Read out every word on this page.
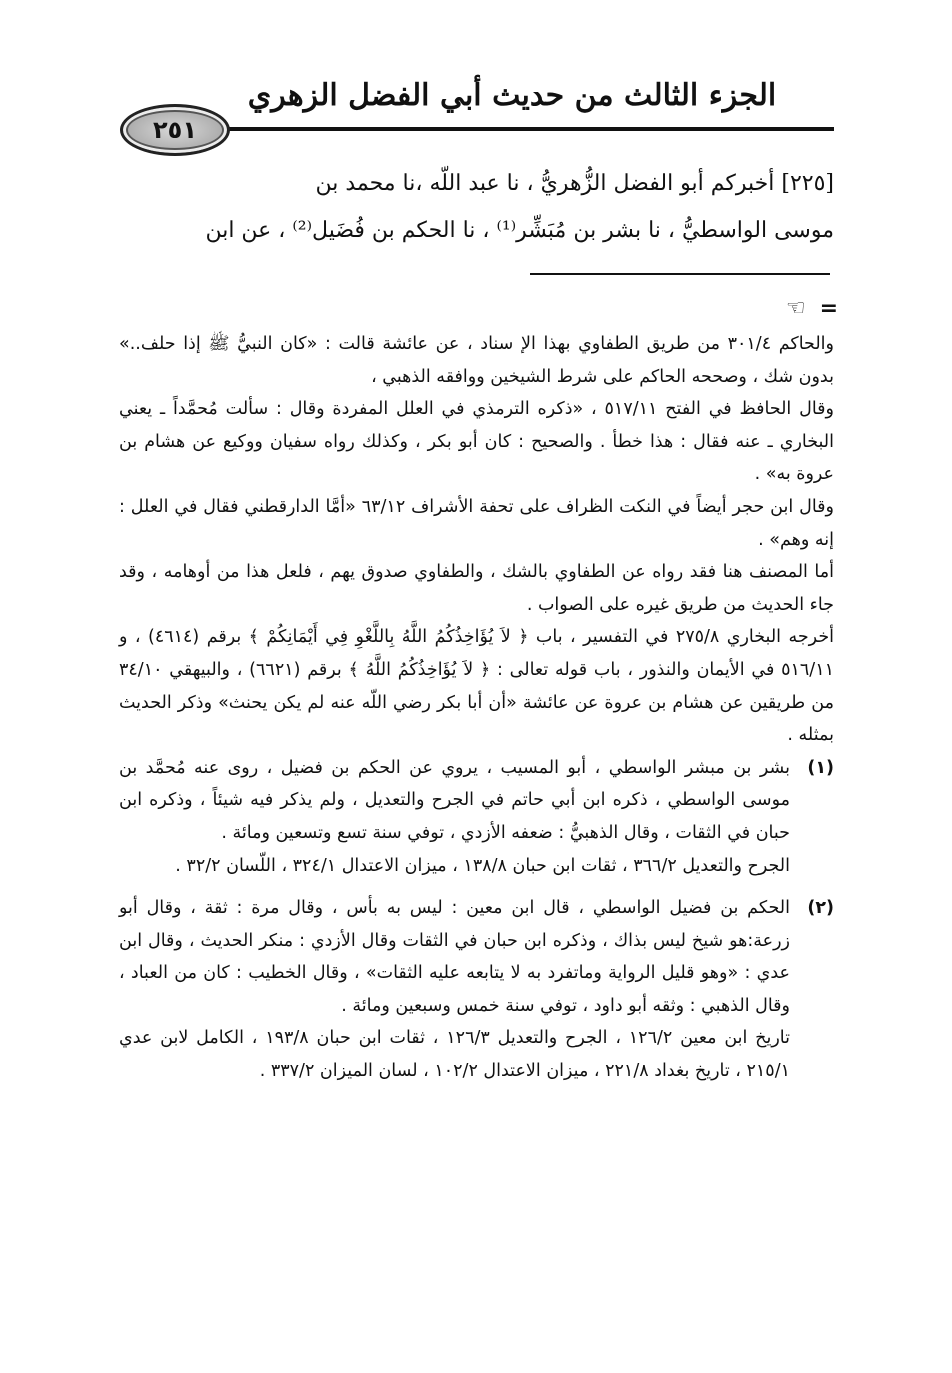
الجزء الثالث من حديث أبي الفضل الزهري
٢٥١
[٢٢٥] أخبركم أبو الفضل الزُّهريُّ ، نا عبد اللّه ،نا محمد بن
موسى الواسطيُّ ، نا بشر بن مُبَشِّر⁽¹⁾ ، نا الحكم بن فُضَيل⁽²⁾ ، عن ابن
=
☜

والحاكم ٣٠١/٤ من طريق الطفاوي بهذا الإ سناد ، عن عائشة قالت : «كان النبيُّ ﷺ إذا حلف..» بدون شك ، وصححه الحاكم على شرط الشيخين ووافقه الذهبي ،

وقال الحافظ في الفتح ٥١٧/١١ ، «ذكره الترمذي في العلل المفردة وقال : سألت مُحمَّداً ـ يعني البخاري ـ عنه فقال : هذا خطأ . والصحيح : كان أبو بكر ، وكذلك رواه سفيان ووكيع عن هشام بن عروة به» .

وقال ابن حجر أيضاً في النكت الظراف على تحفة الأشراف ٦٣/١٢ «أمَّا الدارقطني فقال في العلل : إنه وهم» .

أما المصنف هنا فقد رواه عن الطفاوي بالشك ، والطفاوي صدوق يهم ، فلعل هذا من أوهامه ، وقد جاء الحديث من طريق غيره على الصواب .

أخرجه البخاري ٢٧٥/٨ في التفسير ، باب ﴿ لاَ يُؤَاخِذُكُمُ اللَّهُ بِاللَّغْوِ فِي أَيْمَانِكُمْ ﴾ برقم (٤٦١٤) ، و ٥١٦/١١ في الأيمان والنذور ، باب قوله تعالى : ﴿ لاَ يُؤَاخِذُكُمُ اللَّهُ ﴾ برقم (٦٦٢١) ، والبيهقي ٣٤/١٠ من طريقين عن هشام بن عروة عن عائشة «أن أبا بكر رضي اللّه عنه لم يكن يحنث» وذكر الحديث بمثله .

(١)

بشر بن مبشر الواسطي ، أبو المسيب ، يروي عن الحكم بن فضيل ، روى عنه مُحمَّد بن موسى الواسطي ، ذكره ابن أبي حاتم في الجرح والتعديل ، ولم يذكر فيه شيئاً ، وذكره ابن حبان في الثقات ، وقال الذهبيُّ : ضعفه الأزدي ، توفي سنة تسع وتسعين ومائة .

الجرح والتعديل ٣٦٦/٢ ، ثقات ابن حبان ١٣٨/٨ ، ميزان الاعتدال ٣٢٤/١ ، اللّسان ٣٢/٢ .

(٢)

الحكم بن فضيل الواسطي ، قال ابن معين : ليس به بأس ، وقال مرة : ثقة ، وقال أبو زرعة:هو شيخ ليس بذاك ، وذكره ابن حبان في الثقات وقال الأزدي : منكر الحديث ، وقال ابن عدي : «وهو قليل الرواية وماتفرد به لا يتابعه عليه الثقات» ، وقال الخطيب : كان من العباد ، وقال الذهبي : وثقه أبو داود ، توفي سنة خمس وسبعين ومائة .

تاريخ ابن معين ١٢٦/٢ ، الجرح والتعديل ١٢٦/٣ ، ثقات ابن حبان ١٩٣/٨ ، الكامل لابن عدي ٢١٥/١ ، تاريخ بغداد ٢٢١/٨ ، ميزان الاعتدال ١٠٢/٢ ، لسان الميزان ٣٣٧/٢ .
